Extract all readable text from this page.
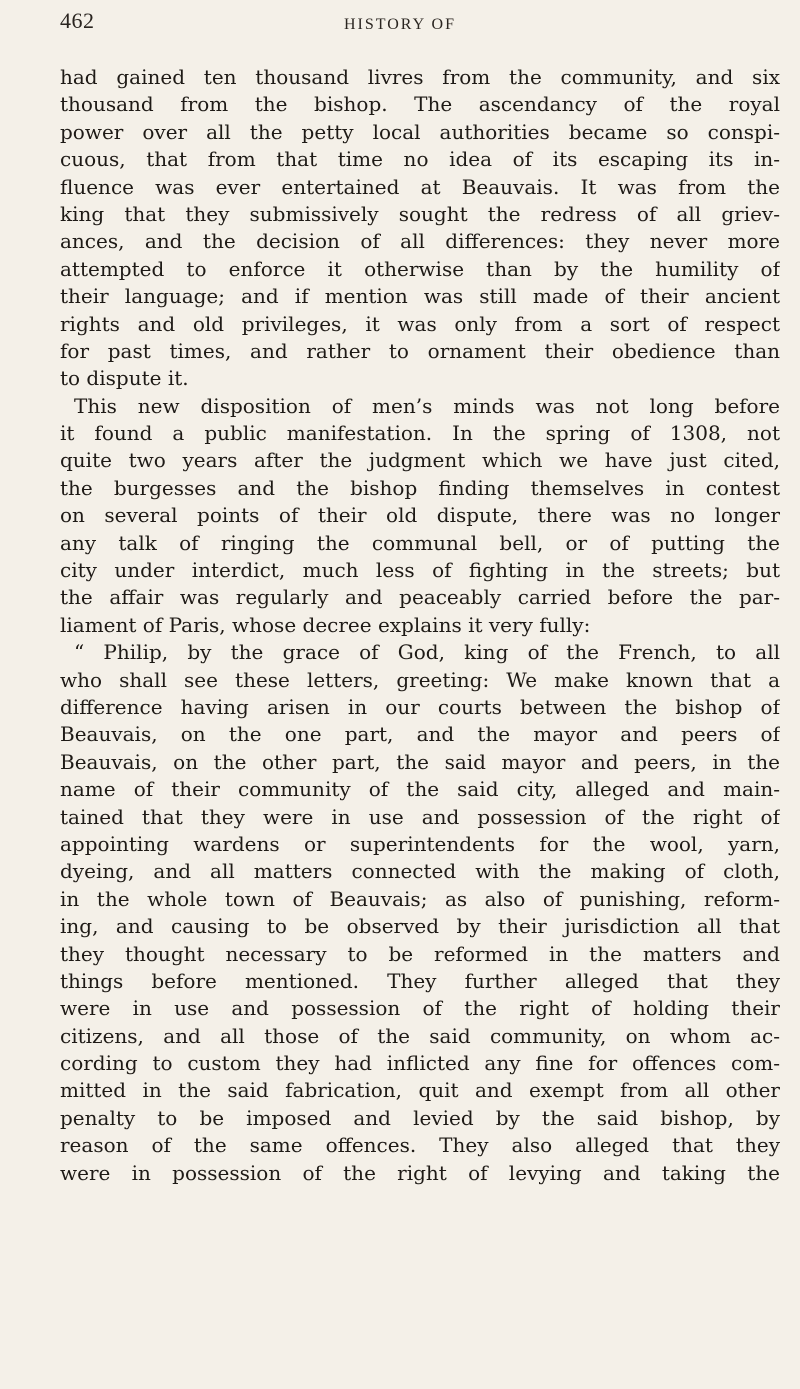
462	HISTORY OF
had gained ten thousand livres from the community, and six
thousand from the bishop. The ascendancy of the royal
power over all the petty local authorities became so conspi-
cuous, that from that time no idea of its escaping its in-
fluence was ever entertained at Beauvais. It was from the
king that they submissively sought the redress of all griev-
ances, and the decision of all differences: they never more
attempted to enforce it otherwise than by the humility of
their language; and if mention was still made of their ancient
rights and old privileges, it was only from a sort of respect
for past times, and rather to ornament their obedience than
to dispute it.
This new disposition of men’s minds was not long before
it found a public manifestation. In the spring of 1308, not
quite two years after the judgment which we have just cited,
the burgesses and the bishop finding themselves in contest
on several points of their old dispute, there was no longer
any talk of ringing the communal bell, or of putting the
city under interdict, much less of fighting in the streets; but
the affair was regularly and peaceably carried before the par-
liament of Paris, whose decree explains it very fully:
“ Philip, by the grace of God, king of the French, to all
who shall see these letters, greeting: We make known that a
difference having arisen in our courts between the bishop of
Beauvais, on the one part, and the mayor and peers of
Beauvais, on the other part, the said mayor and peers, in the
name of their community of the said city, alleged and main-
tained that they were in use and possession of the right of
appointing wardens or superintendents for the wool, yarn,
dyeing, and all matters connected with the making of cloth,
in the whole town of Beauvais; as also of punishing, reform-
ing, and causing to be observed by their jurisdiction all that
they thought necessary to be reformed in the matters and
things before mentioned. They further alleged that they
were in use and possession of the right of holding their
citizens, and all those of the said community, on whom ac-
cording to custom they had inflicted any fine for offences com-
mitted in the said fabrication, quit and exempt from all other
penalty to be imposed and levied by the said bishop, by
reason of the same offences. They also alleged that they
were in possession of the right of levying and taking the
